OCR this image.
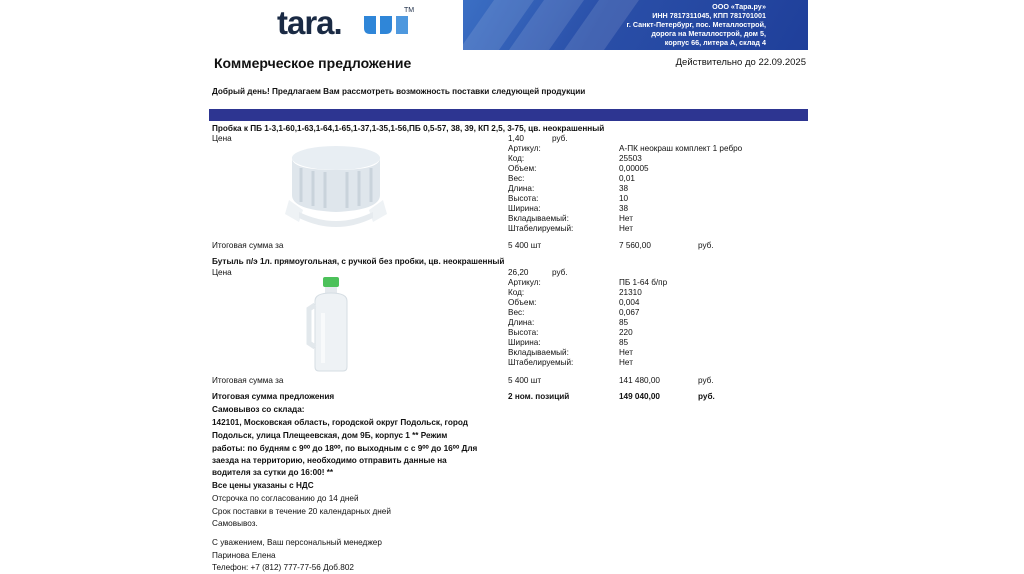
tara.	TM	ООО «Тара.ру»
ИНН 7817311045, КПП 781701001
г. Санкт-Петербург, пос. Металлострой,
дорога на Металлострой, дом 5,
корпус 66, литера А, склад 4
Коммерческое предложение	Действительно до 22.09.2025
Добрый день! Предлагаем Вам рассмотреть возможность поставки следующей продукции
Пробка к ПБ 1-3,1-60,1-63,1-64,1-65,1-37,1-35,1-56,ПБ 0,5-57, 38, 39, КП 2,5, 3-75, цв. неокрашенный
Цена	1,40	руб.
Артикул:	А-ПК неокраш комплект 1 ребро
Код:	25503
Объем:	0,00005
Вес:	0,01
Длина:	38
Высота:	10
Ширина:	38
Вкладываемый:	Нет
Штабелируемый:	Нет
Итоговая сумма за	5 400 шт	7 560,00	руб.
Бутыль п/э 1л. прямоугольная, с ручкой без пробки, цв. неокрашенный
Цена	26,20	руб.
Артикул:	ПБ 1-64 б/пр
Код:	21310
Объем:	0,004
Вес:	0,067
Длина:	85
Высота:	220
Ширина:	85
Вкладываемый:	Нет
Штабелируемый:	Нет
Итоговая сумма за	5 400 шт	141 480,00	руб.
Итоговая сумма предложения	2 ном. позиций	149 040,00	руб.
Самовывоз со склада:
142101, Московская область, городской округ Подольск, город
Подольск, улица Плещеевская, дом 9Б, корпус 1 ** Режим
работы: по будням с 9⁰⁰ до 18⁰⁰, по выходным с с 9⁰⁰ до 16⁰⁰ Для
заезда на территорию, необходимо отправить данные на
водителя за сутки до 16:00! **
Все цены указаны с НДС
Отсрочка по согласованию до 14 дней
Срок поставки в течение 20 календарных дней
Самовывоз.
С уважением, Ваш персональный менеджер
Паринова Елена
Телефон: +7 (812) 777-77-56 Доб.802
